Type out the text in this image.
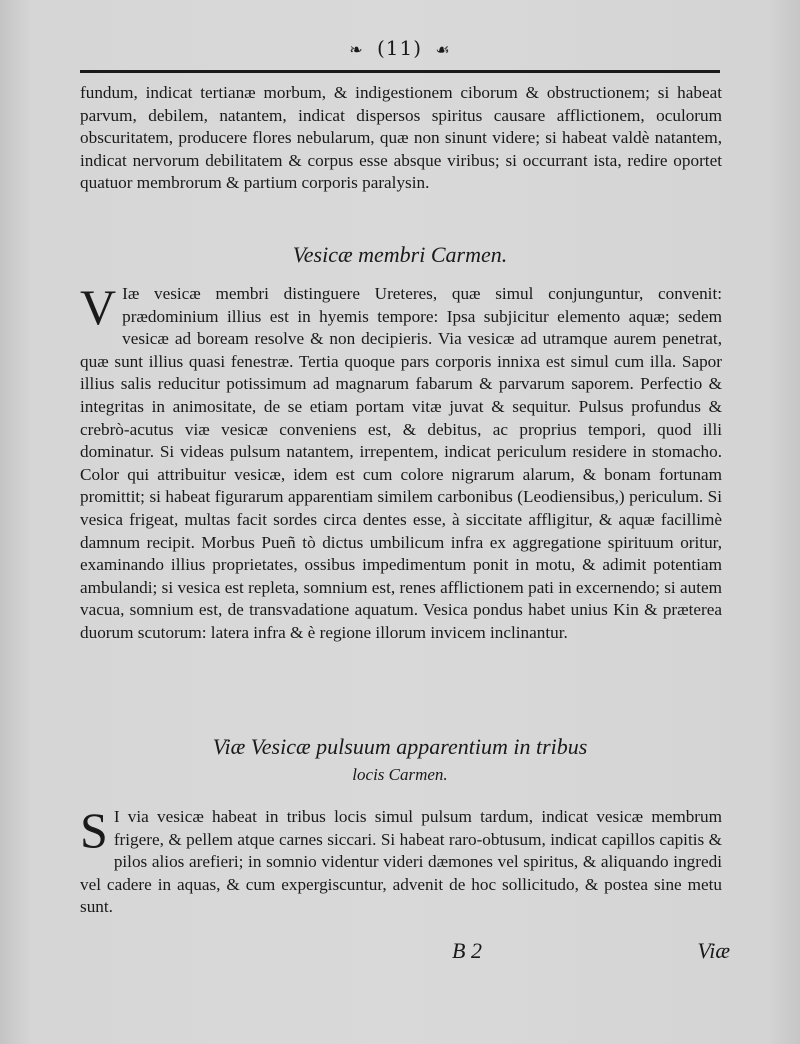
❧ (11) ☙

fundum, indicat tertianæ morbum, & indigestionem ciborum & obstructionem; si habeat parvum, debilem, natantem, indicat dispersos spiritus causare afflictionem, oculorum obscuritatem, producere flores nebularum, quæ non sinunt videre; si habeat valdè natantem, indicat nervorum debilitatem & corpus esse absque viribus; si occurrant ista, redire oportet quatuor membrorum & partium corporis paralysin.

Vesicæ membri Carmen.
V Iæ vesicæ membri distinguere Ureteres, quæ simul conjunguntur, convenit: prædominium illius est in hyemis tempore: Ipsa subjicitur elemento aquæ; sedem vesicæ ad boream resolve & non decipieris. Via vesicæ ad utramque aurem penetrat, quæ sunt illius quasi fenestræ. Tertia quoque pars corporis innixa est simul cum illa. Sapor illius salis reducitur potissimum ad magnarum fabarum & parvarum saporem. Perfectio & integritas in animositate, de se etiam portam vitæ juvat & sequitur. Pulsus profundus & crebrò-acutus viæ vesicæ conveniens est, & debitus, ac proprius tempori, quod illi dominatur. Si videas pulsum natantem, irrepentem, indicat periculum residere in stomacho. Color qui attribuitur vesicæ, idem est cum colore nigrarum alarum, & bonam fortunam promittit; si habeat figurarum apparentiam similem carbonibus (Leodiensibus,) periculum. Si vesica frigeat, multas facit sordes circa dentes esse, à siccitate affligitur, & aquæ facillimè damnum recipit. Morbus Pueñ tò dictus umbilicum infra ex aggregatione spirituum oritur, examinando illius proprietates, ossibus impedimentum ponit in motu, & adimit potentiam ambulandi; si vesica est repleta, somnium est, renes afflictionem pati in excernendo; si autem vacua, somnium est, de transvadatione aquatum. Vesica pondus habet unius Kin & præterea duorum scutorum: latera infra & è regione illorum invicem inclinantur.

Viæ Vesicæ pulsuum apparentium in tribus
locis Carmen.
S I via vesicæ habeat in tribus locis simul pulsum tardum, indicat vesicæ membrum frigere, & pellem atque carnes siccari. Si habeat raro-obtusum, indicat capillos capitis & pilos alios arefieri; in somnio videntur videri dæmones vel spiritus, & aliquando ingredi vel cadere in aquas, & cum expergiscuntur, advenit de hoc sollicitudo, & postea sine metu sunt.

B 2	Viæ
